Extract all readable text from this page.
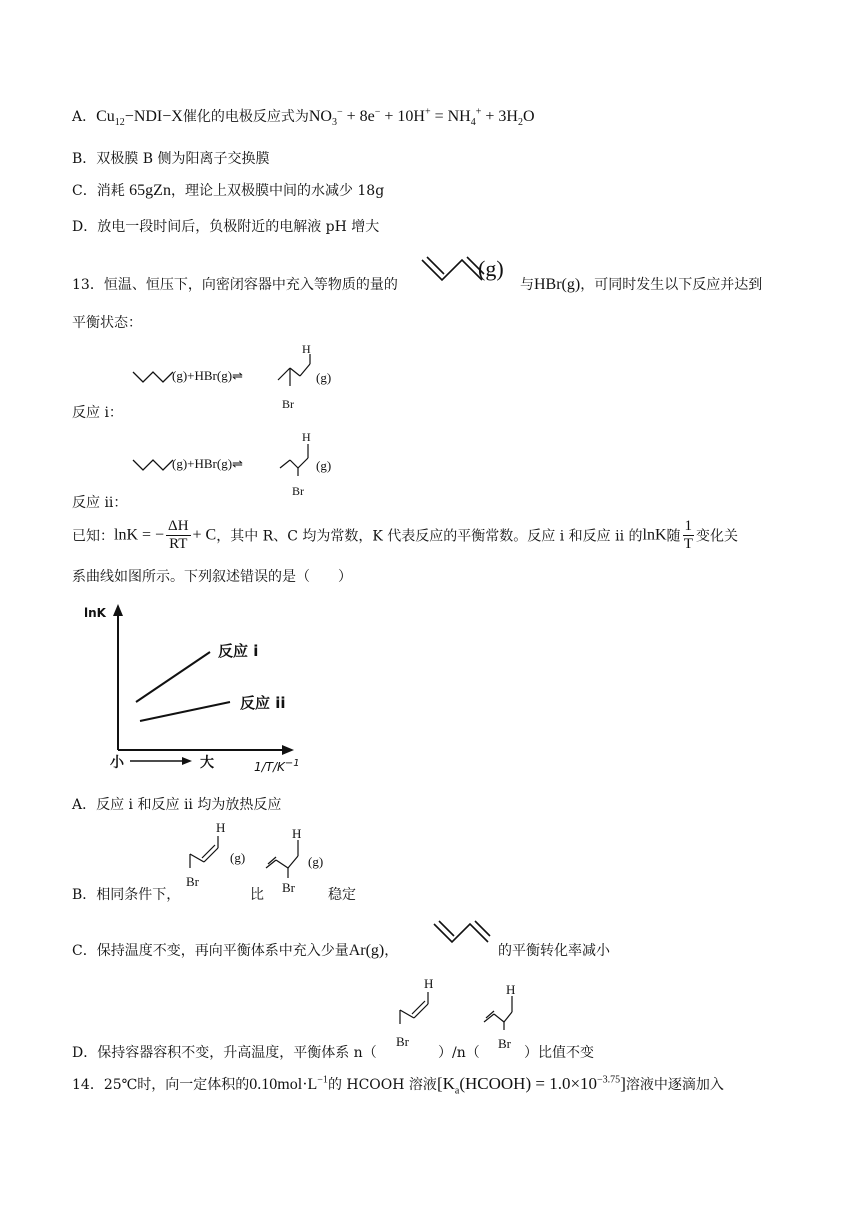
A．$Cu_{12}-NDI-X$催化的电极反应式为$NO_3^- + 8e^- + 10H^+ = NH_4^+ + 3H_2O$
B．双极膜 B 侧为阳离子交换膜
C．消耗 65gZn，理论上双极膜中间的水减少 18g
D．放电一段时间后，负极附近的电解液 pH 增大
13．恒温、恒压下，向密闭容器中充入等物质的量的
(g)
与HBr(g)，可同时发生以下反应并达到
平衡状态：
(g)+HBr(g)⇌
H
Br
(g)
反应 i：
(g)+HBr(g)⇌
H
Br
(g)
反应 ii：
已知：lnK = − $\frac{\Delta H}{RT} + C$，其中 R、C 均为常数，K 代表反应的平衡常数。反应 i 和反应 ii 的lnK随 $\frac{1}{T}$ 变化关
系曲线如图所示。下列叙述错误的是（　　）
lnK
反应 i
反应 ii
小	大	$1/T/K^{-1}$
A．反应 i 和反应 ii 均为放热反应
B．相同条件下，
H
Br
(g)
比
H
Br
(g)
稳定
C．保持温度不变，再向平衡体系中充入少量Ar(g)，	的平衡转化率减小
D．保持容器容积不变，升高温度，平衡体系 n（
H
Br
）/n（
H
Br
）比值不变
14．25℃时，向一定体积的$0.10mol\cdot L^{-1}$的 HCOOH 溶液$[K_a(HCOOH) = 1.0\times 10^{-3.75}]$溶液中逐滴加入
